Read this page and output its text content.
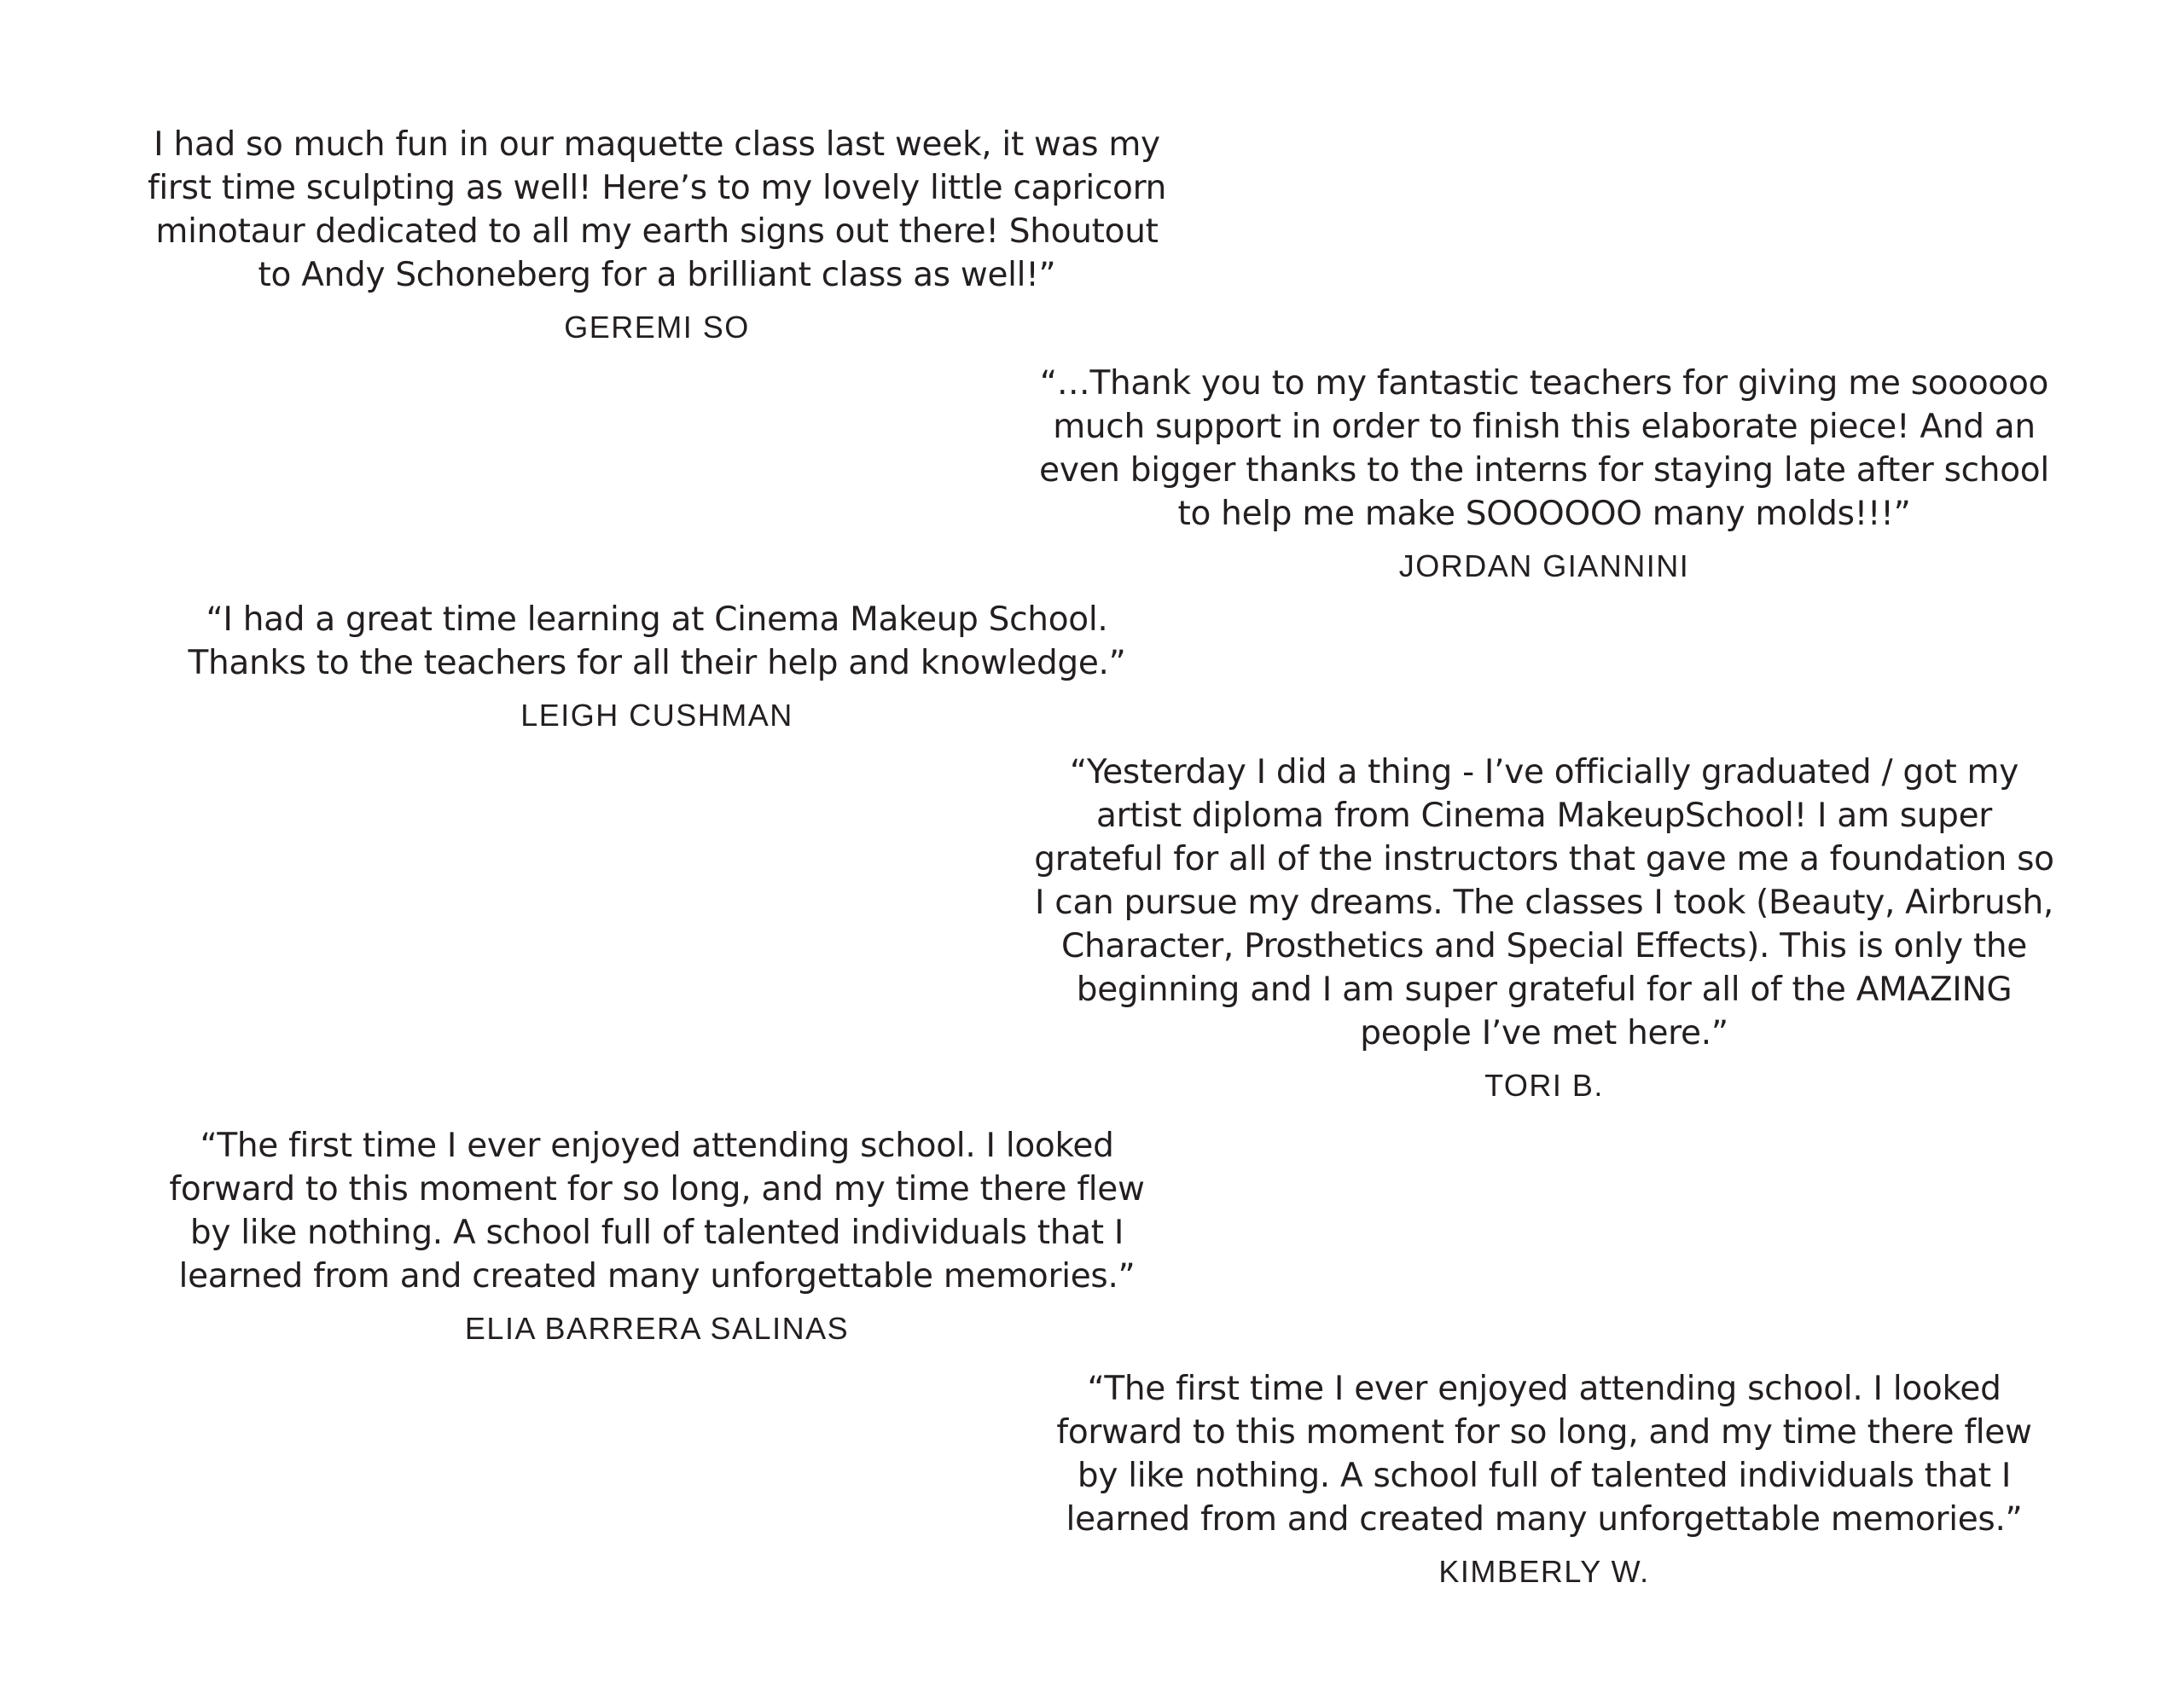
I had so much fun in our maquette class last week, it was my
first time sculpting as well! Here’s to my lovely little capricorn
minotaur dedicated to all my earth signs out there! Shoutout
to Andy Schoneberg for a brilliant class as well!”

GEREMI SO

“…Thank you to my fantastic teachers for giving me soooooo
much support in order to finish this elaborate piece! And an
even bigger thanks to the interns for staying late after school
to help me make SOOOOOO many molds!!!”

JORDAN GIANNINI

“I had a great time learning at Cinema Makeup School.
Thanks to the teachers for all their help and knowledge.”

LEIGH CUSHMAN

“Yesterday I did a thing - I’ve officially graduated / got my
artist diploma from Cinema MakeupSchool! I am super
grateful for all of the instructors that gave me a foundation so
I can pursue my dreams. The classes I took (Beauty, Airbrush,
Character, Prosthetics and Special Effects). This is only the
beginning and I am super grateful for all of the AMAZING
people I’ve met here.”

TORI B.

“The first time I ever enjoyed attending school. I looked
forward to this moment for so long, and my time there flew
by like nothing. A school full of talented individuals that I
learned from and created many unforgettable memories.”

ELIA BARRERA SALINAS

“The first time I ever enjoyed attending school. I looked
forward to this moment for so long, and my time there flew
by like nothing. A school full of talented individuals that I
learned from and created many unforgettable memories.”

KIMBERLY W.
